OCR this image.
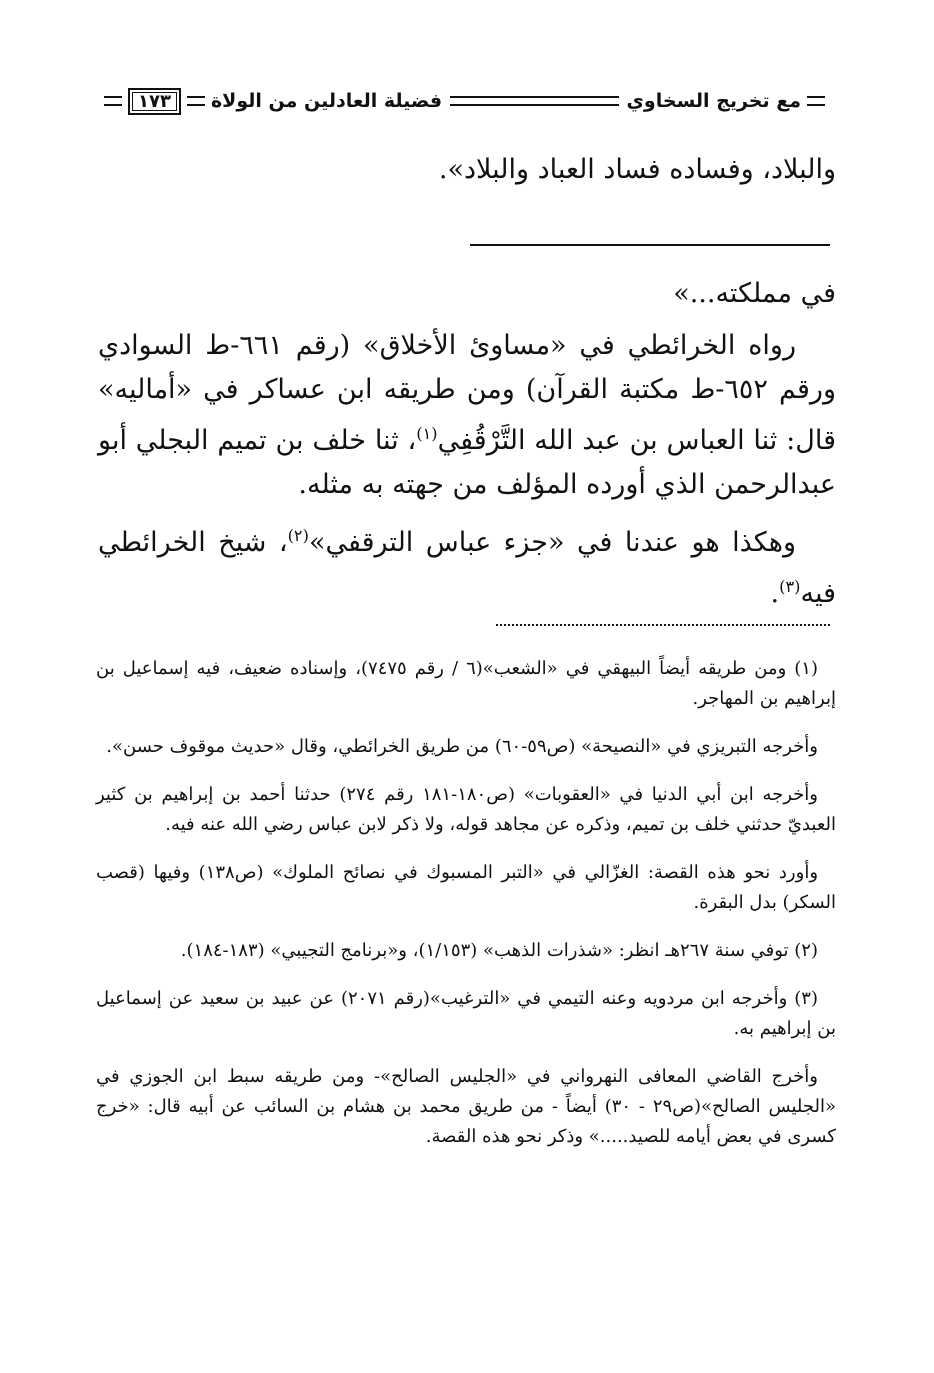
مع تخريج السخاوي
فضيلة العادلين من الولاة
١٧٣

والبلاد، وفساده فساد العباد والبلاد».

في مملكته...»

رواه الخرائطي في «مساوئ الأخلاق» (رقم ٦٦١-ط السوادي ورقم ٦٥٢-ط مكتبة القرآن) ومن طريقه ابن عساكر في «أماليه» قال: ثنا العباس بن عبد الله التَّرْقُفِي$^{(١)}$، ثنا خلف بن تميم البجلي أبو عبدالرحمن الذي أورده المؤلف من جهته به مثله.

وهكذا هو عندنا في «جزء عباس الترقفي»$^{(٢)}$، شيخ الخرائطي فيه$^{(٣)}$.

(١) ومن طريقه أيضاً البيهقي في «الشعب»(٦ / رقم ٧٤٧٥)، وإسناده ضعيف، فيه إسماعيل بن إبراهيم بن المهاجر.

وأخرجه التبريزي في «النصيحة» (ص٥٩-٦٠) من طريق الخرائطي، وقال «حديث موقوف حسن».

وأخرجه ابن أبي الدنيا في «العقوبات» (ص١٨٠-١٨١ رقم ٢٧٤) حدثنا أحمد بن إبراهيم بن كثير العبديّ حدثني خلف بن تميم، وذكره عن مجاهد قوله، ولا ذكر لابن عباس رضي الله عنه فيه.

وأورد نحو هذه القصة: الغزّالي في «التبر المسبوك في نصائح الملوك» (ص١٣٨) وفيها (قصب السكر) بدل البقرة.

(٢) توفي سنة ٢٦٧هـ انظر: «شذرات الذهب» (١/١٥٣)، و«برنامج التجيبي» (١٨٣-١٨٤).

(٣) وأخرجه ابن مردويه وعنه التيمي في «الترغيب»(رقم ٢٠٧١) عن عبيد بن سعيد عن إسماعيل بن إبراهيم به.

وأخرج القاضي المعافى النهرواني في «الجليس الصالح»- ومن طريقه سبط ابن الجوزي في «الجليس الصالح»(ص٢٩ - ٣٠) أيضاً - من طريق محمد بن هشام بن السائب عن أبيه قال: «خرج كسرى في بعض أيامه للصيد.....» وذكر نحو هذه القصة.
